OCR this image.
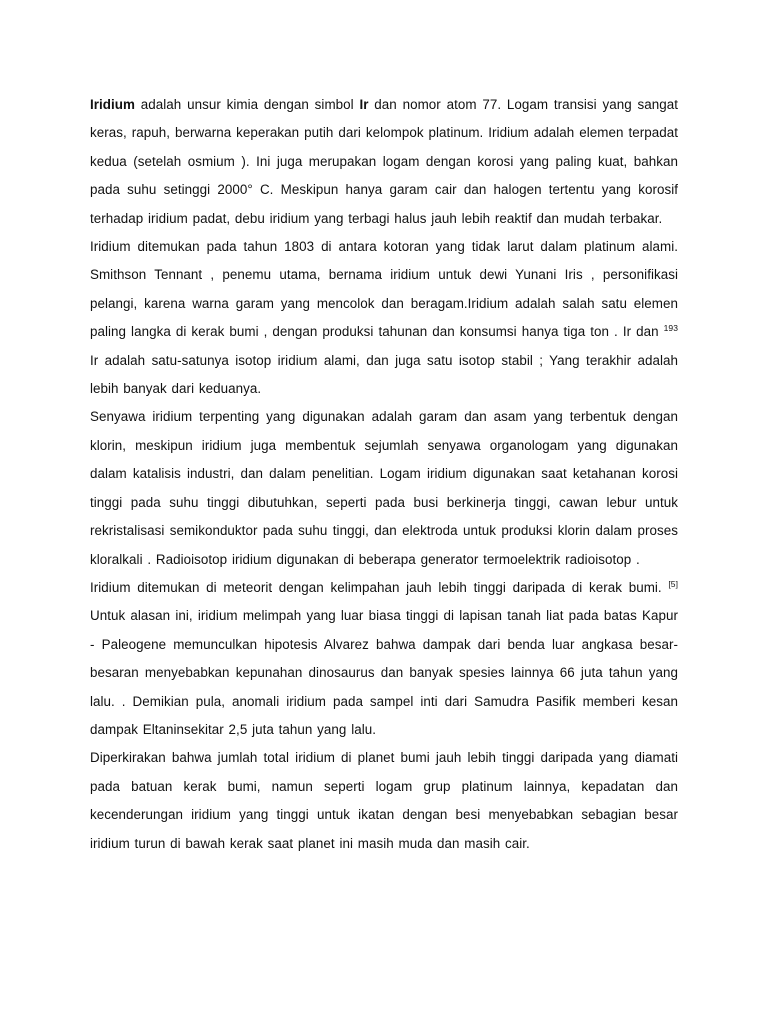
Iridium adalah unsur kimia dengan simbol Ir dan nomor atom 77. Logam transisi yang sangat keras, rapuh, berwarna keperakan putih dari kelompok platinum. Iridium adalah elemen terpadat kedua (setelah osmium ). Ini juga merupakan logam dengan korosi yang paling kuat, bahkan pada suhu setinggi 2000° C. Meskipun hanya garam cair dan halogen tertentu yang korosif terhadap iridium padat, debu iridium yang terbagi halus jauh lebih reaktif dan mudah terbakar.

Iridium ditemukan pada tahun 1803 di antara kotoran yang tidak larut dalam platinum alami. Smithson Tennant , penemu utama, bernama iridium untuk dewi Yunani Iris , personifikasi pelangi, karena warna garam yang mencolok dan beragam.Iridium adalah salah satu elemen paling langka di kerak bumi , dengan produksi tahunan dan konsumsi hanya tiga ton . Ir dan $^{193}$ Ir adalah satu-satunya isotop iridium alami, dan juga satu isotop stabil ; Yang terakhir adalah lebih banyak dari keduanya.

Senyawa iridium terpenting yang digunakan adalah garam dan asam yang terbentuk dengan klorin, meskipun iridium juga membentuk sejumlah senyawa organologam yang digunakan dalam katalisis industri, dan dalam penelitian. Logam iridium digunakan saat ketahanan korosi tinggi pada suhu tinggi dibutuhkan, seperti pada busi berkinerja tinggi, cawan lebur untuk rekristalisasi semikonduktor pada suhu tinggi, dan elektroda untuk produksi klorin dalam proses kloralkali . Radioisotop iridium digunakan di beberapa generator termoelektrik radioisotop .

Iridium ditemukan di meteorit dengan kelimpahan jauh lebih tinggi daripada di kerak bumi. [5] Untuk alasan ini, iridium melimpah yang luar biasa tinggi di lapisan tanah liat pada batas Kapur - Paleogene memunculkan hipotesis Alvarez bahwa dampak dari benda luar angkasa besar-besaran menyebabkan kepunahan dinosaurus dan banyak spesies lainnya 66 juta tahun yang lalu. . Demikian pula, anomali iridium pada sampel inti dari Samudra Pasifik memberi kesan dampak Eltaninsekitar 2,5 juta tahun yang lalu.

Diperkirakan bahwa jumlah total iridium di planet bumi jauh lebih tinggi daripada yang diamati pada batuan kerak bumi, namun seperti logam grup platinum lainnya, kepadatan dan kecenderungan iridium yang tinggi untuk ikatan dengan besi menyebabkan sebagian besar iridium turun di bawah kerak saat planet ini masih muda dan masih cair.
